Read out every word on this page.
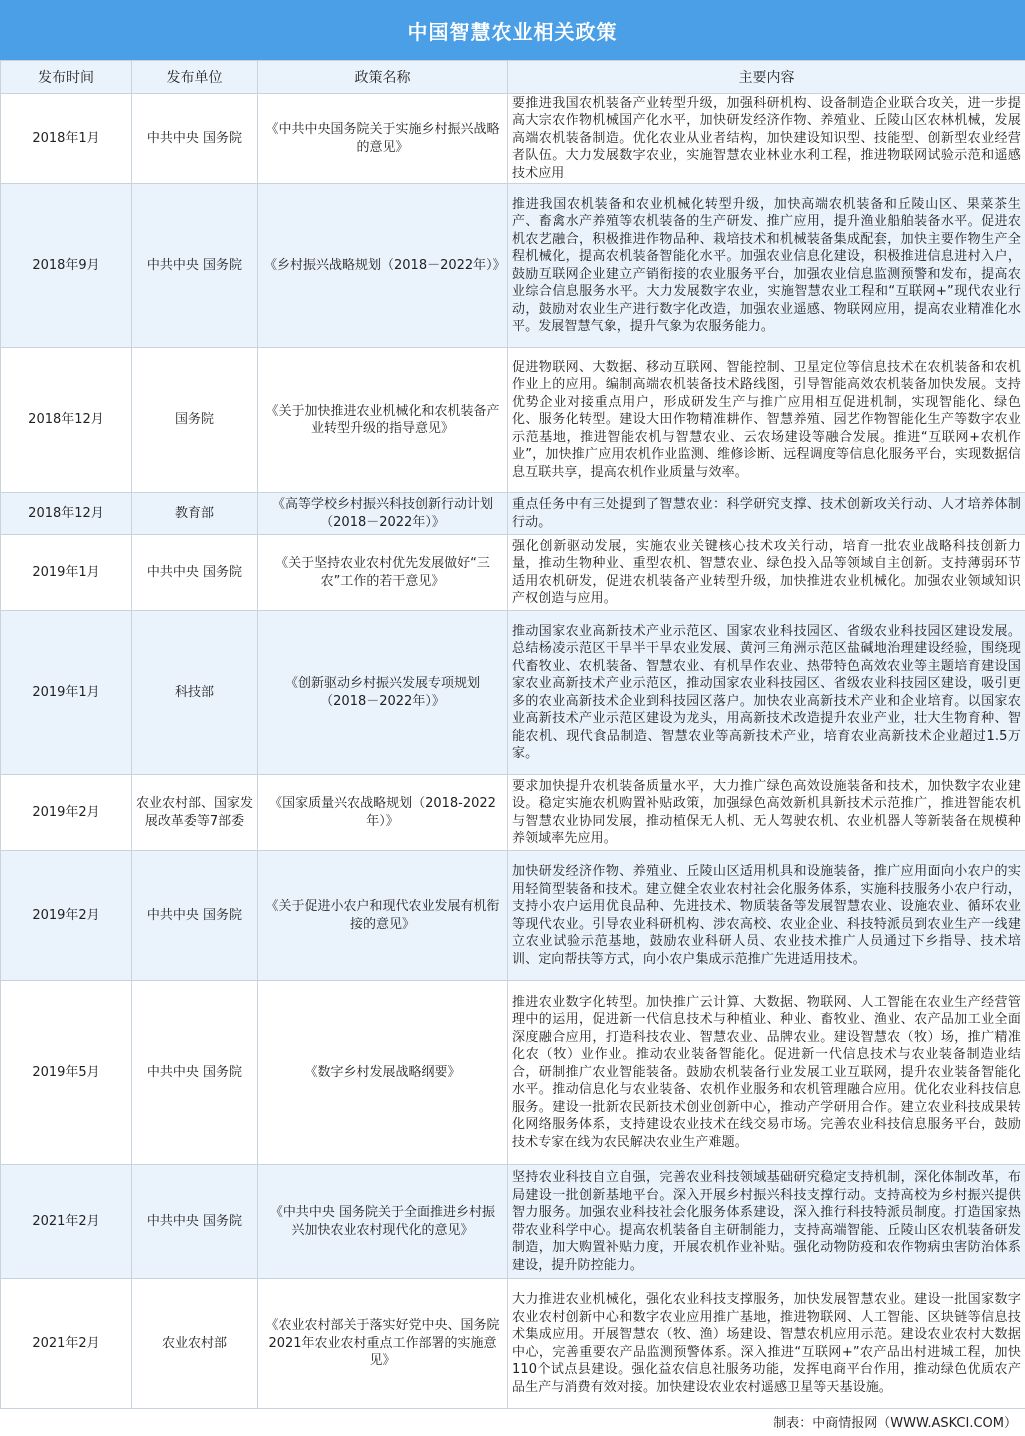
中国智慧农业相关政策
发布时间	发布单位	政策名称	主要内容
2018年1月	中共中央 国务院	《中共中央国务院关于实施乡村振兴战略的意见》	要推进我国农机装备产业转型升级，加强科研机构、设备制造企业联合攻关，进一步提高大宗农作物机械国产化水平，加快研发经济作物、养殖业、丘陵山区农林机械，发展高端农机装备制造。优化农业从业者结构，加快建设知识型、技能型、创新型农业经营者队伍。大力发展数字农业，实施智慧农业林业水利工程，推进物联网试验示范和遥感技术应用
2018年9月	中共中央 国务院	《乡村振兴战略规划（2018－2022年）》	推进我国农机装备和农业机械化转型升级，加快高端农机装备和丘陵山区、果菜茶生产、畜禽水产养殖等农机装备的生产研发、推广应用，提升渔业船舶装备水平。促进农机农艺融合，积极推进作物品种、栽培技术和机械装备集成配套，加快主要作物生产全程机械化，提高农机装备智能化水平。加强农业信息化建设，积极推进信息进村入户，鼓励互联网企业建立产销衔接的农业服务平台，加强农业信息监测预警和发布，提高农业综合信息服务水平。大力发展数字农业，实施智慧农业工程和“互联网+”现代农业行动，鼓励对农业生产进行数字化改造，加强农业遥感、物联网应用，提高农业精准化水平。发展智慧气象，提升气象为农服务能力。
2018年12月	国务院	《关于加快推进农业机械化和农机装备产业转型升级的指导意见》	促进物联网、大数据、移动互联网、智能控制、卫星定位等信息技术在农机装备和农机作业上的应用。编制高端农机装备技术路线图，引导智能高效农机装备加快发展。支持优势企业对接重点用户，形成研发生产与推广应用相互促进机制，实现智能化、绿色化、服务化转型。建设大田作物精准耕作、智慧养殖、园艺作物智能化生产等数字农业示范基地，推进智能农机与智慧农业、云农场建设等融合发展。推进“互联网+农机作业”，加快推广应用农机作业监测、维修诊断、远程调度等信息化服务平台，实现数据信息互联共享，提高农机作业质量与效率。
2018年12月	教育部	《高等学校乡村振兴科技创新行动计划（2018－2022年）》	重点任务中有三处提到了智慧农业：科学研究支撑、技术创新攻关行动、人才培养体制行动。
2019年1月	中共中央 国务院	《关于坚持农业农村优先发展做好“三农”工作的若干意见》	强化创新驱动发展，实施农业关键核心技术攻关行动，培育一批农业战略科技创新力量，推动生物种业、重型农机、智慧农业、绿色投入品等领域自主创新。支持薄弱环节适用农机研发，促进农机装备产业转型升级，加快推进农业机械化。加强农业领域知识产权创造与应用。
2019年1月	科技部	《创新驱动乡村振兴发展专项规划（2018－2022年）》	推动国家农业高新技术产业示范区、国家农业科技园区、省级农业科技园区建设发展。总结杨凌示范区干旱半干旱农业发展、黄河三角洲示范区盐碱地治理建设经验，围绕现代畜牧业、农机装备、智慧农业、有机旱作农业、热带特色高效农业等主题培育建设国家农业高新技术产业示范区，推动国家农业科技园区、省级农业科技园区建设，吸引更多的农业高新技术企业到科技园区落户。加快农业高新技术产业和企业培育。以国家农业高新技术产业示范区建设为龙头，用高新技术改造提升农业产业，壮大生物育种、智能农机、现代食品制造、智慧农业等高新技术产业，培育农业高新技术企业超过1.5万家。
2019年2月	农业农村部、国家发展改革委等7部委	《国家质量兴农战略规划（2018-2022年）》	要求加快提升农机装备质量水平，大力推广绿色高效设施装备和技术，加快数字农业建设。稳定实施农机购置补贴政策，加强绿色高效新机具新技术示范推广，推进智能农机与智慧农业协同发展，推动植保无人机、无人驾驶农机、农业机器人等新装备在规模种养领域率先应用。
2019年2月	中共中央 国务院	《关于促进小农户和现代农业发展有机衔接的意见》	加快研发经济作物、养殖业、丘陵山区适用机具和设施装备，推广应用面向小农户的实用轻简型装备和技术。建立健全农业农村社会化服务体系，实施科技服务小农户行动，支持小农户运用优良品种、先进技术、物质装备等发展智慧农业、设施农业、循环农业等现代农业。引导农业科研机构、涉农高校、农业企业、科技特派员到农业生产一线建立农业试验示范基地，鼓励农业科研人员、农业技术推广人员通过下乡指导、技术培训、定向帮扶等方式，向小农户集成示范推广先进适用技术。
2019年5月	中共中央 国务院	《数字乡村发展战略纲要》	推进农业数字化转型。加快推广云计算、大数据、物联网、人工智能在农业生产经营管理中的运用，促进新一代信息技术与种植业、种业、畜牧业、渔业、农产品加工业全面深度融合应用，打造科技农业、智慧农业、品牌农业。建设智慧农（牧）场，推广精准化农（牧）业作业。推动农业装备智能化。促进新一代信息技术与农业装备制造业结合，研制推广农业智能装备。鼓励农机装备行业发展工业互联网，提升农业装备智能化水平。推动信息化与农业装备、农机作业服务和农机管理融合应用。优化农业科技信息服务。建设一批新农民新技术创业创新中心，推动产学研用合作。建立农业科技成果转化网络服务体系，支持建设农业技术在线交易市场。完善农业科技信息服务平台，鼓励技术专家在线为农民解决农业生产难题。
2021年2月	中共中央 国务院	《中共中央 国务院关于全面推进乡村振兴加快农业农村现代化的意见》	坚持农业科技自立自强，完善农业科技领域基础研究稳定支持机制，深化体制改革，布局建设一批创新基地平台。深入开展乡村振兴科技支撑行动。支持高校为乡村振兴提供智力服务。加强农业科技社会化服务体系建设，深入推行科技特派员制度。打造国家热带农业科学中心。提高农机装备自主研制能力，支持高端智能、丘陵山区农机装备研发制造，加大购置补贴力度，开展农机作业补贴。强化动物防疫和农作物病虫害防治体系建设，提升防控能力。
2021年2月	农业农村部	《农业农村部关于落实好党中央、国务院2021年农业农村重点工作部署的实施意见》	大力推进农业机械化，强化农业科技支撑服务，加快发展智慧农业。建设一批国家数字农业农村创新中心和数字农业应用推广基地，推进物联网、人工智能、区块链等信息技术集成应用。开展智慧农（牧、渔）场建设、智慧农机应用示范。建设农业农村大数据中心，完善重要农产品监测预警体系。深入推进“互联网+”农产品出村进城工程，加快110个试点县建设。强化益农信息社服务功能，发挥电商平台作用，推动绿色优质农产品生产与消费有效对接。加快建设农业农村遥感卫星等天基设施。
制表：中商情报网（WWW.ASKCI.COM）
